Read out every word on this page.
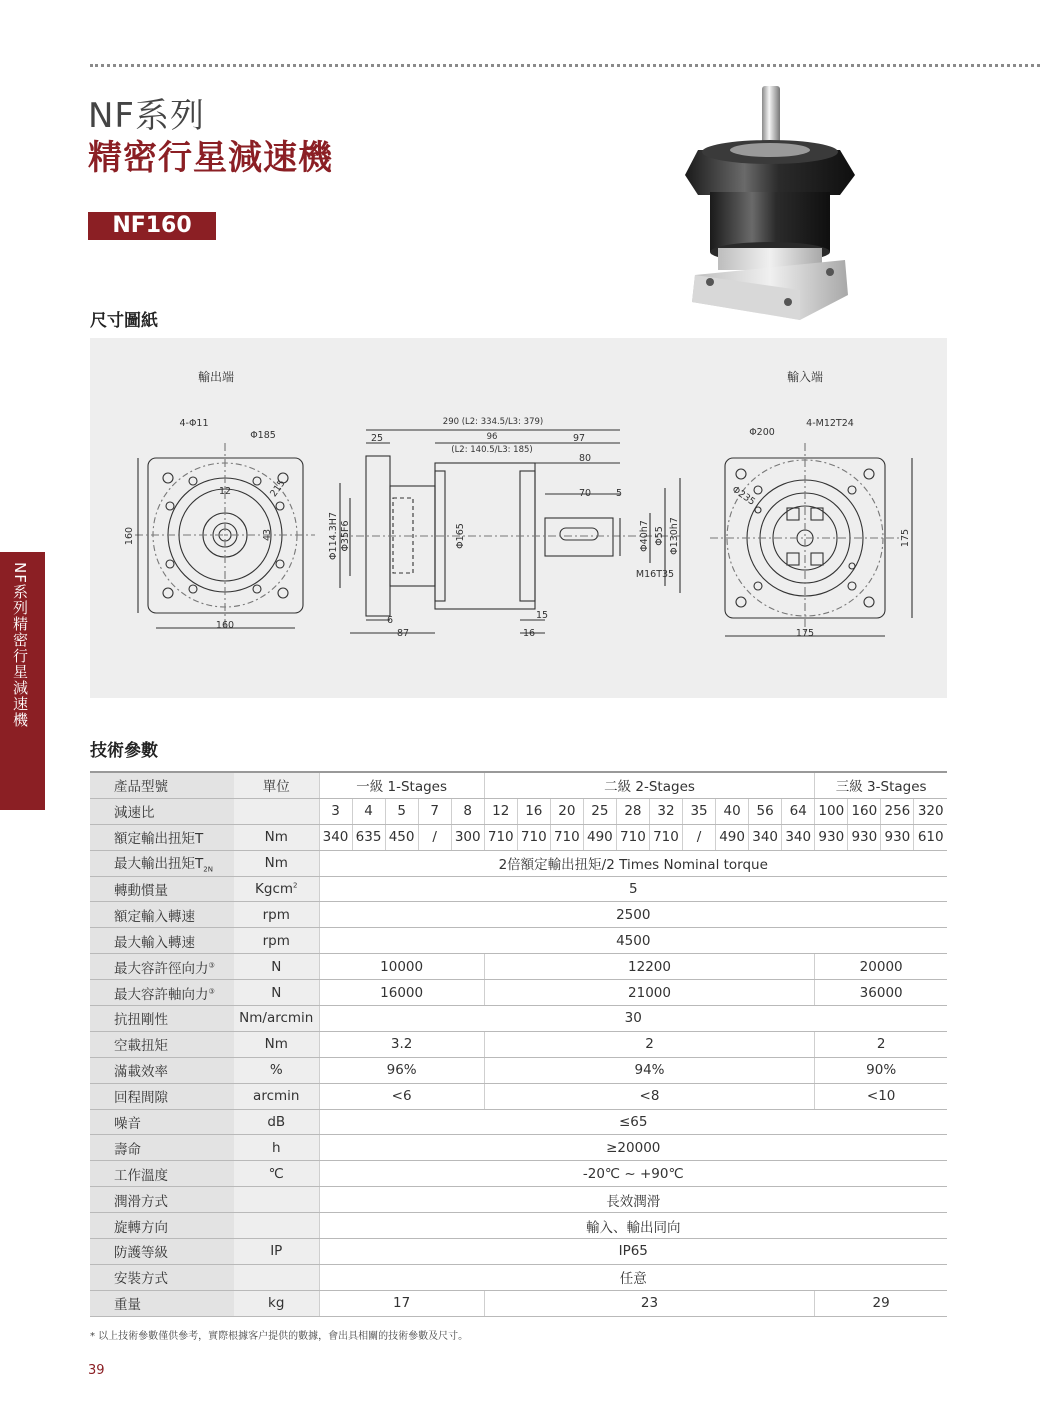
NF系列
精密行星減速機
NF160
尺寸圖紙
輸出端	輸入端
4-Φ11
Φ185
160
160
12
43
215
290 (L2: 334.5/L3: 379)
96
(L2: 140.5/L3: 185)
97
80
70	5
25
6
87
15
16
Φ114.3H7 Φ35F6	Φ165	Φ40h7 Φ55 Φ130h7
M16T35
Φ200
4-M12T24
Φ235
175
175
NF系列精密行星減速機
技術參數
產品型號	單位	一級 1-Stages					二級 2-Stages										三級 3-Stages			
減速比		3	4	5	7	8	12	16	20	25	28	32	35	40	56	64	100	160	256	320
額定輸出扭矩T	Nm	340	635	450	/	300	710	710	710	490	710	710	/	490	340	340	930	930	930	610
最大輸出扭矩$T_{2N}$	Nm	2倍額定輸出扭矩/2 Times Nominal torque																		
轉動慣量	Kgcm$^2$	5																		
額定輸入轉速	rpm	2500																		
最大輸入轉速	rpm	4500																		
最大容許徑向力③	N	10000					12200										20000			
最大容許軸向力③	N	16000					21000										36000			
抗扭剛性	Nm/arcmin	30																		
空載扭矩	Nm	3.2					2										2			
滿載效率	%	96%					94%										90%			
回程間隙	arcmin	<6					<8										<10			
噪音	dB	≤65																		
壽命	h	≥20000																		
工作溫度	℃	-20℃ ~ +90℃																		
潤滑方式		長效潤滑																		
旋轉方向		輸入、輸出同向																		
防護等級	IP	IP65																		
安裝方式		任意																		
重量	kg	17					23										29			
* 以上技術參數僅供參考，實際根據客户提供的數據，會出具相關的技術參數及尺寸。
39
